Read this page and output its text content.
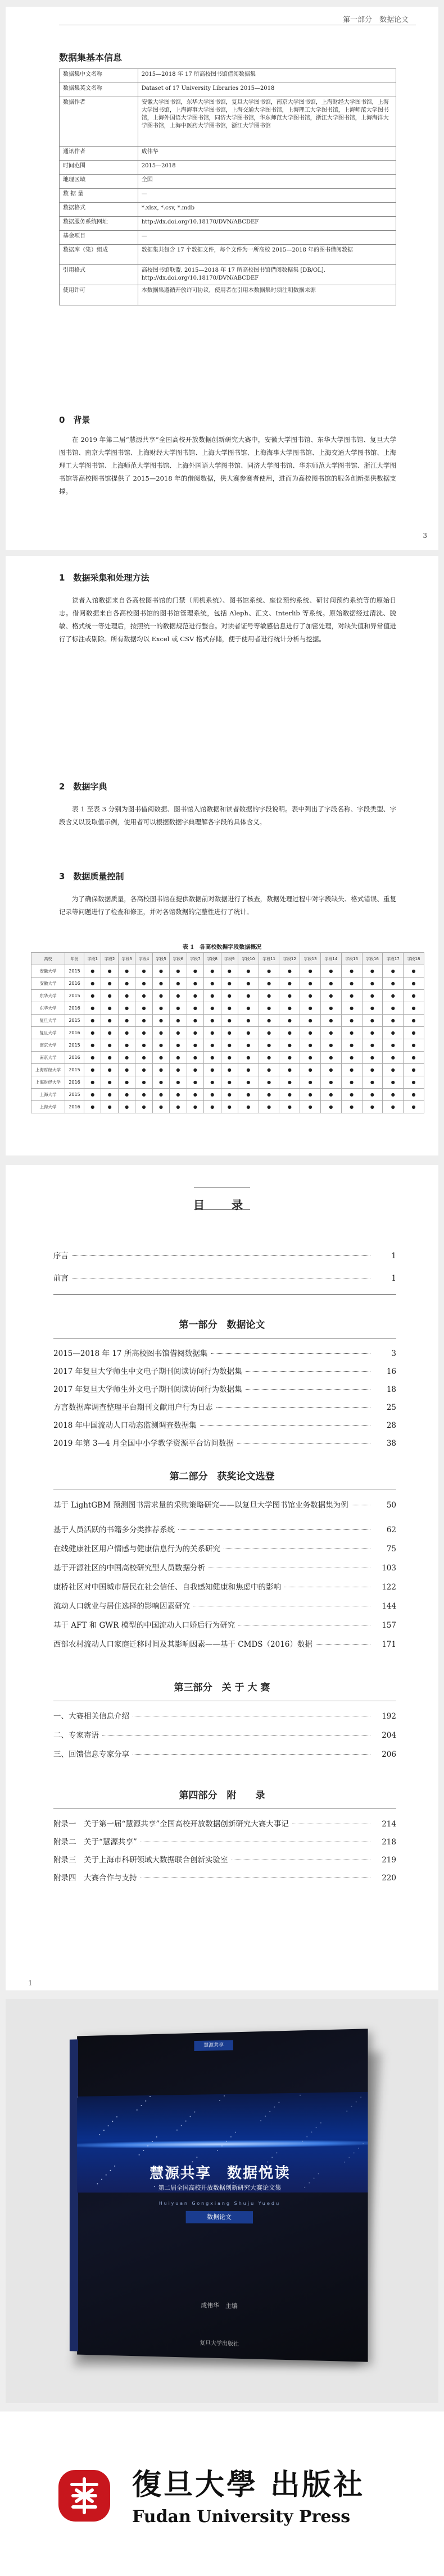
第一部分　数据论文
数据集基本信息
数据集中文名称	2015—2018 年 17 所高校图书馆借阅数据集
数据集英文名称	Dataset of 17 University Libraries 2015—2018
数据作者	安徽大学图书馆，东华大学图书馆，复旦大学图书馆，南京大学图书馆，上海财经大学图书馆，上海大学图书馆，上海海事大学图书馆，上海交通大学图书馆，上海理工大学图书馆，上海师范大学图书馆，上海外国语大学图书馆，同济大学图书馆，华东师范大学图书馆，浙江大学图书馆，上海海洋大学图书馆，上海中医药大学图书馆，浙江大学图书馆
通讯作者	成伟华
时间范围	2015—2018
地理区域	全国
数 据 量	—
数据格式	*.xlsx, *.csv, *.mdb
数据服务系统网址	http://dx.doi.org/10.18170/DVN/ABCDEF
基金项目	—
数据库（集）组成	数据集共包含 17 个数据文件，每个文件为一所高校 2015—2018 年的图书借阅数据
引用格式	高校图书馆联盟. 2015—2018 年 17 所高校图书馆借阅数据集 [DB/OL]. http://dx.doi.org/10.18170/DVN/ABCDEF
使用许可	本数据集遵循开放许可协议，使用者在引用本数据集时须注明数据来源
0　背景
在 2019 年第二届“慧源共享”全国高校开放数据创新研究大赛中，安徽大学图书馆、东华大学图书馆、复旦大学图书馆、南京大学图书馆、上海财经大学图书馆、上海大学图书馆、上海海事大学图书馆、上海交通大学图书馆、上海理工大学图书馆、上海师范大学图书馆、上海外国语大学图书馆、同济大学图书馆、华东师范大学图书馆、浙江大学图书馆等高校图书馆提供了 2015—2018 年的借阅数据，供大赛参赛者使用，进而为高校图书馆的服务创新提供数据支撑。
3
1　数据采集和处理方法
读者入馆数据来自各高校图书馆的门禁（闸机系统）、图书馆系统、座位预约系统、研讨间预约系统等的原始日志。借阅数据来自各高校图书馆的图书馆管理系统，包括 Aleph、汇文、Interlib 等系统。原始数据经过清洗、脱敏、格式统一等处理后，按照统一的数据规范进行整合。对读者证号等敏感信息进行了加密处理，对缺失值和异常值进行了标注或剔除。所有数据均以 Excel 或 CSV 格式存储，便于使用者进行统计分析与挖掘。
2　数据字典
表 1 至表 3 分别为图书借阅数据、图书馆入馆数据和读者数据的字段说明。表中列出了字段名称、字段类型、字段含义以及取值示例，使用者可以根据数据字典理解各字段的具体含义。
3　数据质量控制
为了确保数据质量，各高校图书馆在提供数据前对数据进行了核查，数据处理过程中对字段缺失、格式错误、重复记录等问题进行了检查和修正，并对各馆数据的完整性进行了统计。
表 1　各高校数据字段数据概况
高校	年份	字段1	字段2	字段3	字段4	字段5	字段6	字段7	字段8	字段9	字段10	字段11	字段12	字段13	字段14	字段15	字段16	字段17	字段18
安徽大学	2015	●	●	●	●	●	●	●	●	●	●	●	●	●	●	●	●	●	●
安徽大学	2016	●	●	●	●	●	●	●	●	●	●	●	●	●	●	●	●	●	●
东华大学	2015	●	●	●	●	●	●	●	●	●	●	●	●	●	●	●	●	●	●
东华大学	2016	●	●	●	●	●	●	●	●	●	●	●	●	●	●	●	●	●	●
复旦大学	2015	●	●	●	●	●	●	●	●	●	●	●	●	●	●	●	●	●	●
复旦大学	2016	●	●	●	●	●	●	●	●	●	●	●	●	●	●	●	●	●	●
南京大学	2015	●	●	●	●	●	●	●	●	●	●	●	●	●	●	●	●	●	●
南京大学	2016	●	●	●	●	●	●	●	●	●	●	●	●	●	●	●	●	●	●
上海财经大学	2015	●	●	●	●	●	●	●	●	●	●	●	●	●	●	●	●	●	●
上海财经大学	2016	●	●	●	●	●	●	●	●	●	●	●	●	●	●	●	●	●	●
上海大学	2015	●	●	●	●	●	●	●	●	●	●	●	●	●	●	●	●	●	●
上海大学	2016	●	●	●	●	●	●	●	●	●	●	●	●	●	●	●	●	●	●
目　录
序言	1
前言	1
第一部分　数据论文
2015—2018 年 17 所高校图书馆借阅数据集	3
2017 年复旦大学师生中文电子期刊阅读访问行为数据集	16
2017 年复旦大学师生外文电子期刊阅读访问行为数据集	18
方言数据库调查整理平台期刊文献用户行为日志	25
2018 年中国流动人口动态监测调查数据集	28
2019 年第 3—4 月全国中小学教学资源平台访问数据	38
第二部分　获奖论文选登
基于 LightGBM 预测图书需求量的采购策略研究——以复旦大学图书馆业务数据集为例	50
基于人员活跃的书籍多分类推荐系统	62
在线健康社区用户情感与健康信息行为的关系研究	75
基于开源社区的中国高校研究型人员数据分析	103
康桥社区对中国城市居民在社会信任、自我感知健康和焦虑中的影响	122
流动人口就业与居住选择的影响因素研究	144
基于 AFT 和 GWR 模型的中国流动人口婚后行为研究	157
西部农村流动人口家庭迁移时间及其影响因素——基于 CMDS（2016）数据	171
第三部分　关 于 大 赛
一、大赛相关信息介绍	192
二、专家寄语	204
三、回馈信息专家分享	206
第四部分　附　　录
附录一　关于第一届“慧源共享”全国高校开放数据创新研究大赛大事记	214
附录二　关于“慧源共享”	218
附录三　关于上海市科研领域大数据联合创新实验室	219
附录四　大赛合作与支持	220
1
慧源共享
慧源共享　数据悦读
第二届全国高校开放数据创新研究大赛论文集
Huiyuan Gongxiang Shuju Yuedu
数据论文
成伟华　主编
复旦大学出版社
復旦大學 出版社
Fudan University Press
